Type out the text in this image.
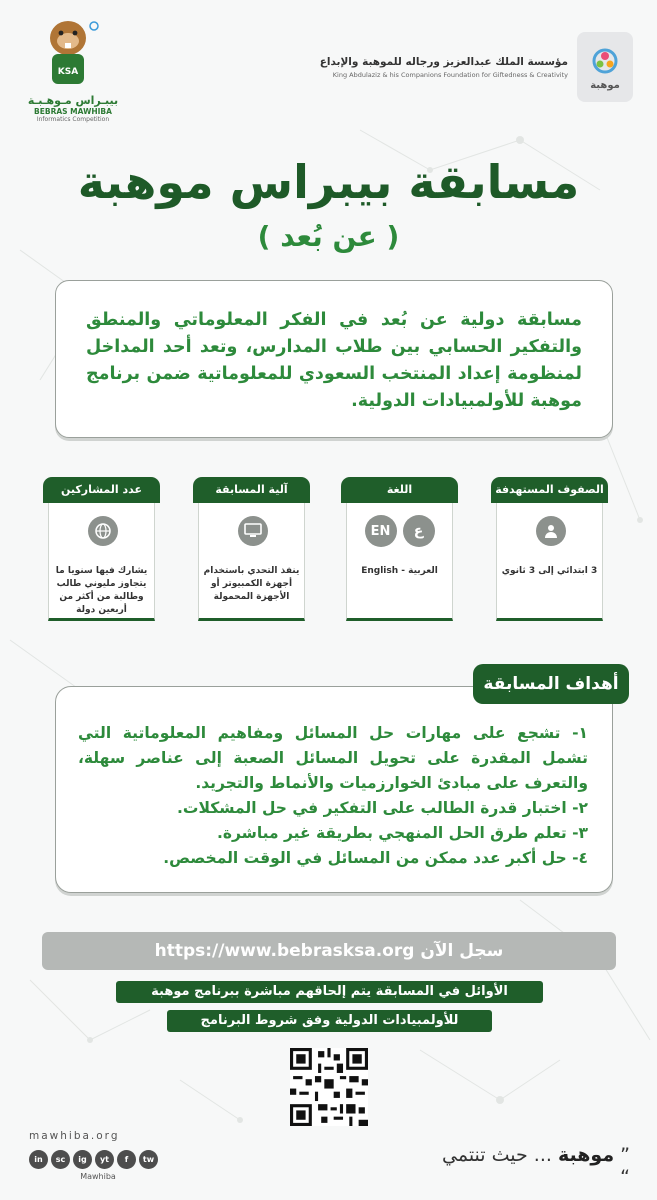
موهبة
مؤسسة الملك عبدالعزيز ورجاله للموهبة والإبداع
King Abdulaziz & his Companions Foundation for Giftedness & Creativity
KSA
بيبـراس مـوهـبـة
BEBRAS MAWHIBA
Informatics Competition
مسابقة بيبراس موهبة
( عن بُعد )

مسابقة دولية عن بُعد في الفكر المعلوماتي والمنطق والتفكير الحسابي بين طلاب المدارس، وتعد أحد المداخل لمنظومة إعداد المنتخب السعودي للمعلوماتية ضمن برنامج موهبة للأولمبيادات الدولية.

الصفوف المستهدفة
3 ابتدائي إلى 3 ثانوي
اللغة
ع
EN
العربية - English
آلية المسابقة
ينفذ التحدي باستخدام أجهزة الكمبيوتر أو الأجهزة المحمولة
عدد المشاركين
يشارك فيها سنويا ما يتجاوز مليوني طالب وطالبة من أكثر من أربعين دولة
أهداف المسابقة

١- تشجع على مهارات حل المسائل ومفاهيم المعلوماتية التي تشمل المقدرة على تحويل المسائل الصعبة إلى عناصر سهلة، والتعرف على مبادئ الخوارزميات والأنماط والتجريد.

٢- اختبار قدرة الطالب على التفكير في حل المشكلات.

٣- تعلم طرق الحل المنهجي بطريقة غير مباشرة.

٤- حل أكبر عدد ممكن من المسائل في الوقت المخصص.

سجل الآن https://www.bebrasksa.org
الأوائل في المسابقة يتم إلحاقهم مباشرة ببرنامج موهبة
للأولمبيادات الدولية وفق شروط البرنامج
mawhiba.org
in	sc	ig	yt	f	tw
Mawhiba
” موهبة ... حيث تنتمي “
